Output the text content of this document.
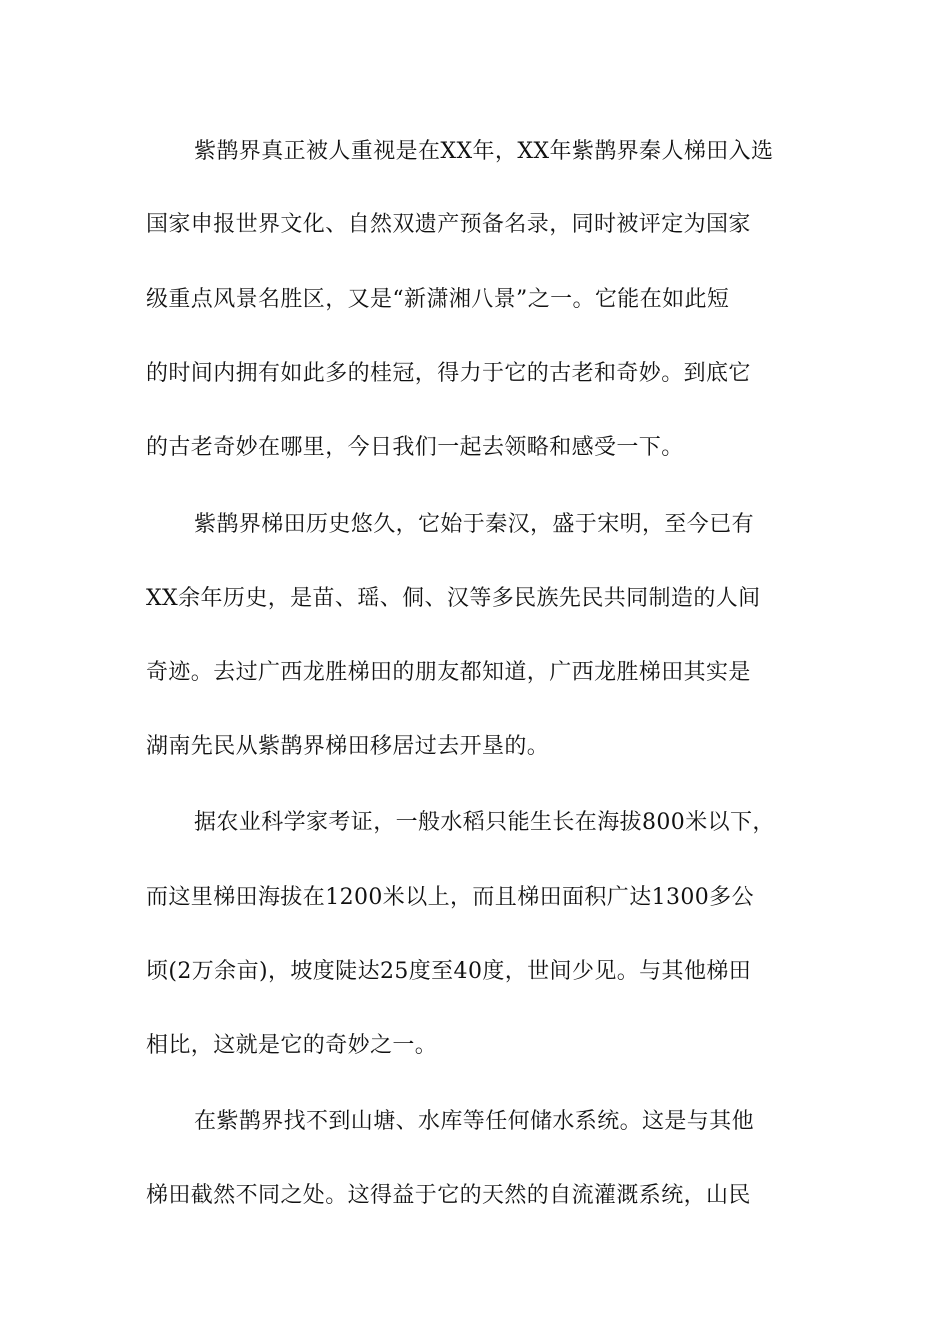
紫鹊界真正被人重视是在XX年，XX年紫鹊界秦人梯田入选
国家申报世界文化、自然双遗产预备名录，同时被评定为国家
级重点风景名胜区，又是“新潇湘八景”之一。它能在如此短
的时间内拥有如此多的桂冠，得力于它的古老和奇妙。到底它
的古老奇妙在哪里，今日我们一起去领略和感受一下。
紫鹊界梯田历史悠久，它始于秦汉，盛于宋明，至今已有
XX余年历史，是苗、瑶、侗、汉等多民族先民共同制造的人间
奇迹。去过广西龙胜梯田的朋友都知道，广西龙胜梯田其实是
湖南先民从紫鹊界梯田移居过去开垦的。
据农业科学家考证，一般水稻只能生长在海拔800米以下，
而这里梯田海拔在1200米以上，而且梯田面积广达1300多公
顷(2万余亩)，坡度陡达25度至40度，世间少见。与其他梯田
相比，这就是它的奇妙之一。
在紫鹊界找不到山塘、水库等任何储水系统。这是与其他
梯田截然不同之处。这得益于它的天然的自流灌溉系统，山民
